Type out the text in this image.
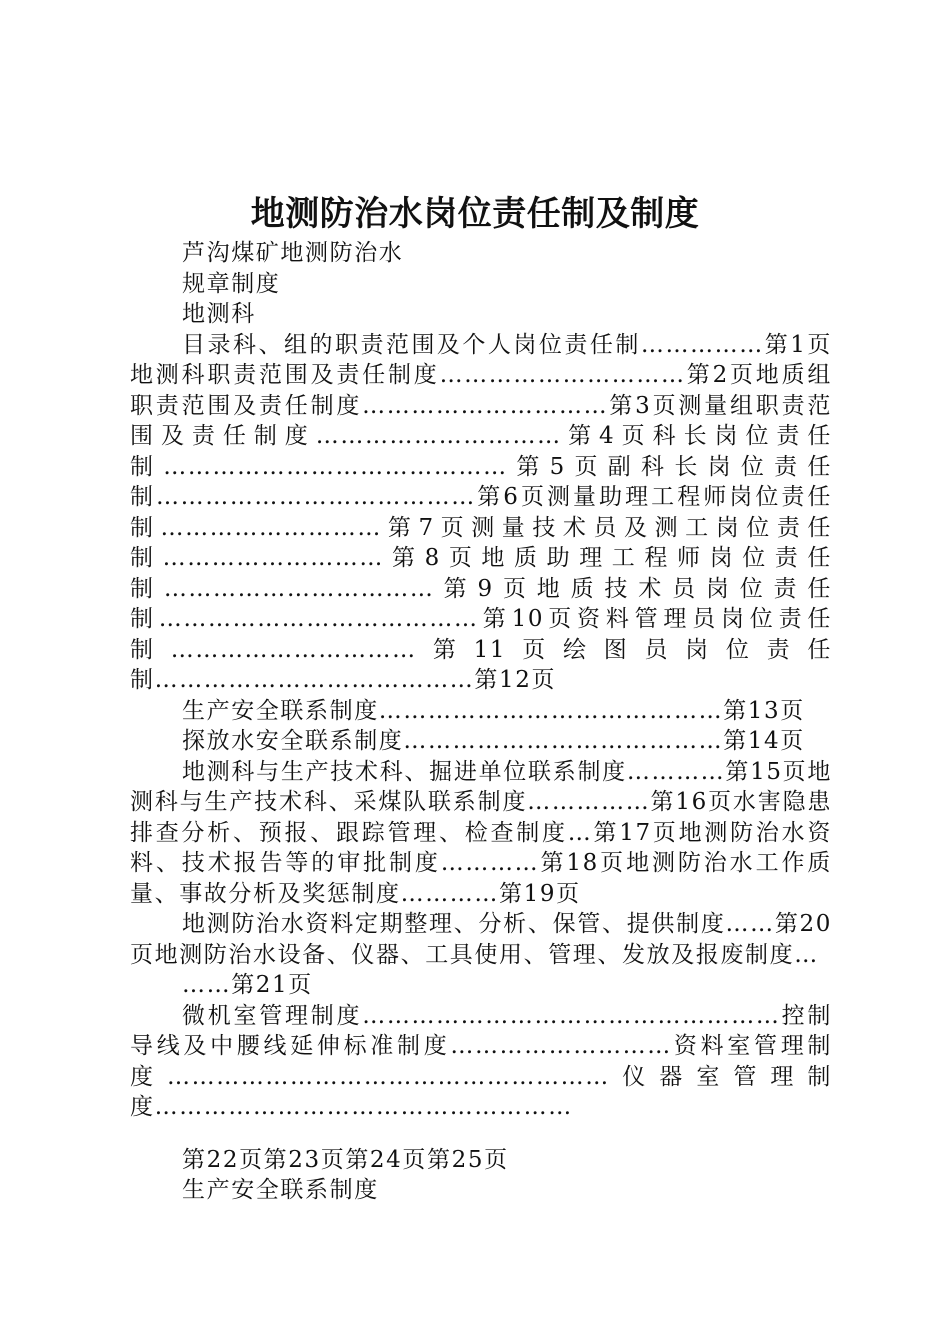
地测防治水岗位责任制及制度

芦沟煤矿地测防治水

规章制度

地测科

目录科、组的职责范围及个人岗位责任制……………第1页地测科职责范围及责任制度…………………………第2页地质组职责范围及责任制度…………………………第3页测量组职责范围及责任制度…………………………第4页科长岗位责任制……………………………………第5页副科长岗位责任制…………………………………第6页测量助理工程师岗位责任制………………………第7页测量技术员及测工岗位责任制………………………第8页地质助理工程师岗位责任制……………………………第9页地质技术员岗位责任制…………………………………第10页资料管理员岗位责任制…………………………第11页绘图员岗位责任制…………………………………第12页

生产安全联系制度……………………………………第13页

探放水安全联系制度…………………………………第14页

地测科与生产技术科、掘进单位联系制度…………第15页地测科与生产技术科、采煤队联系制度……………第16页水害隐患排查分析、预报、跟踪管理、检查制度…第17页地测防治水资料、技术报告等的审批制度…………第18页地测防治水工作质量、事故分析及奖惩制度…………第19页

地测防治水资料定期整理、分析、保管、提供制度……第20页地测防治水设备、仪器、工具使用、管理、发放及报废制度…

……第21页

微机室管理制度……………………………………………控制导线及中腰线延伸标准制度………………………资料室管理制度………………………………………………仪器室管理制度……………………………………………

第22页第23页第24页第25页

生产安全联系制度
